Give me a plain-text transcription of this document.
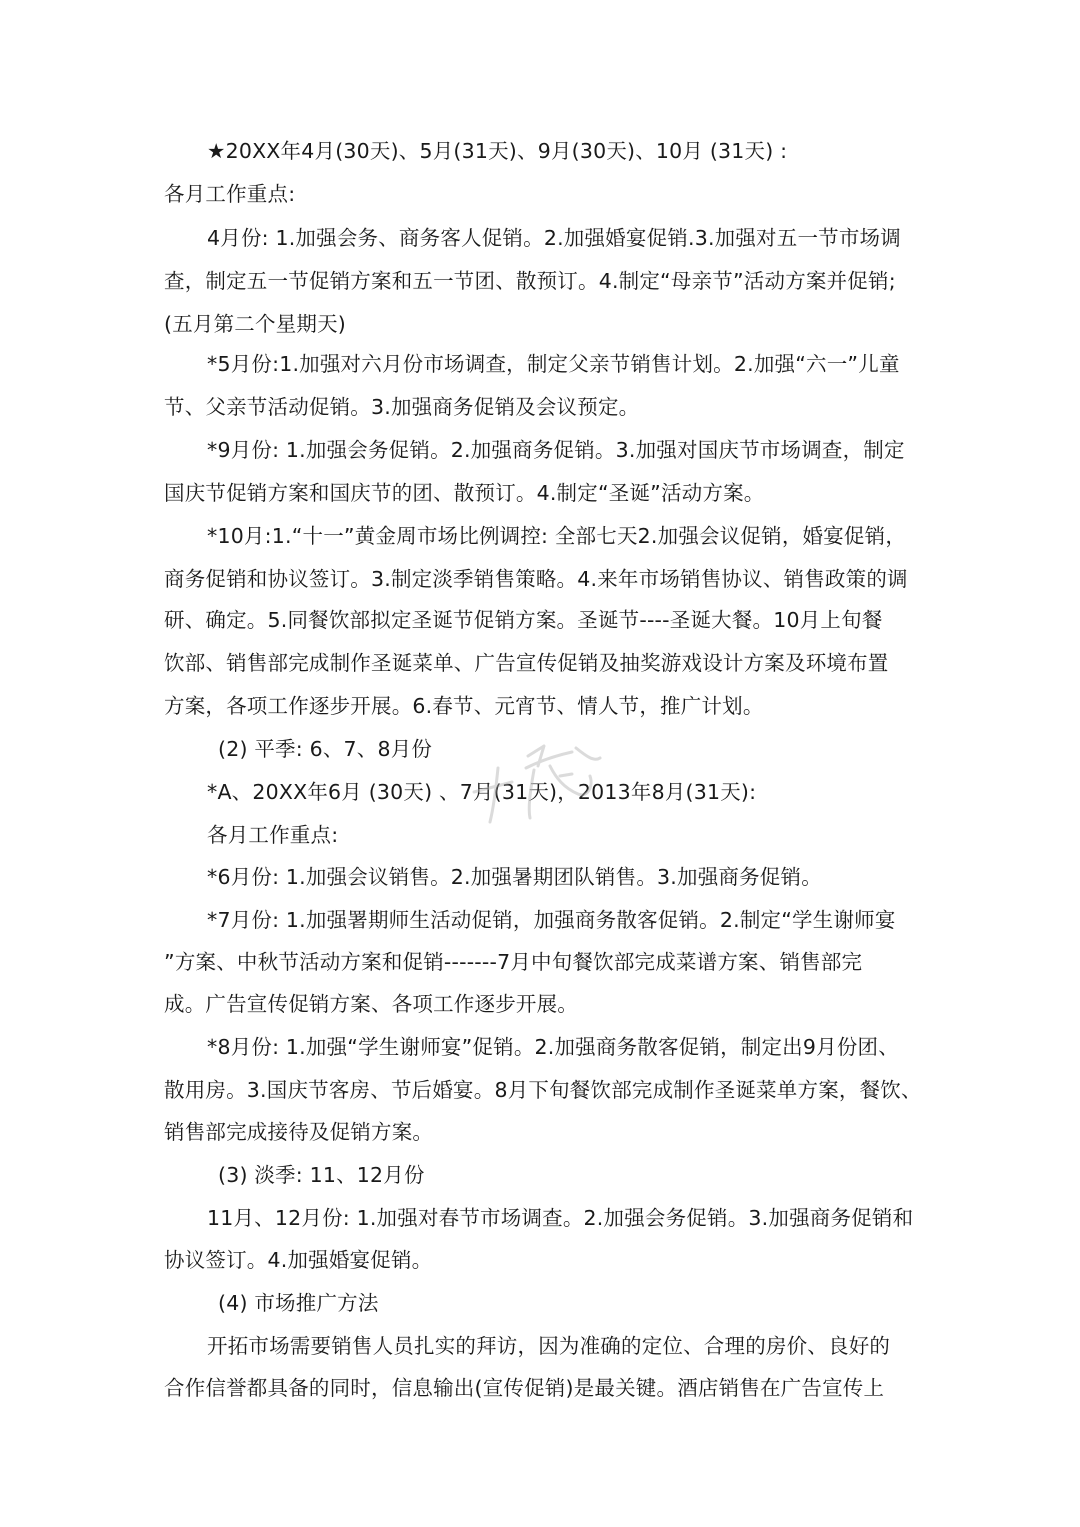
★20XX年4月(30天)、5月(31天)、9月(30天)、10月 (31天) :
各月工作重点:
4月份: 1.加强会务、商务客人促销。2.加强婚宴促销.3.加强对五一节市场调
查，制定五一节促销方案和五一节团、散预订。4.制定“母亲节”活动方案并促销;
(五月第二个星期天)
*5月份:1.加强对六月份市场调查，制定父亲节销售计划。2.加强“六一”儿童
节、父亲节活动促销。3.加强商务促销及会议预定。
*9月份: 1.加强会务促销。2.加强商务促销。3.加强对国庆节市场调查，制定
国庆节促销方案和国庆节的团、散预订。4.制定“圣诞”活动方案。
*10月:1.“十一”黄金周市场比例调控: 全部七天2.加强会议促销，婚宴促销，
商务促销和协议签订。3.制定淡季销售策略。4.来年市场销售协议、销售政策的调
研、确定。5.同餐饮部拟定圣诞节促销方案。圣诞节----圣诞大餐。10月上旬餐
饮部、销售部完成制作圣诞菜单、广告宣传促销及抽奖游戏设计方案及环境布置
方案，各项工作逐步开展。6.春节、元宵节、情人节，推广计划。
(2) 平季: 6、7、8月份
*A、20XX年6月 (30天) 、7月(31天)，2013年8月(31天):
各月工作重点:
*6月份: 1.加强会议销售。2.加强暑期团队销售。3.加强商务促销。
*7月份: 1.加强署期师生活动促销，加强商务散客促销。2.制定“学生谢师宴
”方案、中秋节活动方案和促销-------7月中旬餐饮部完成菜谱方案、销售部完
成。广告宣传促销方案、各项工作逐步开展。
*8月份: 1.加强“学生谢师宴”促销。2.加强商务散客促销，制定出9月份团、
散用房。3.国庆节客房、节后婚宴。8月下旬餐饮部完成制作圣诞菜单方案，餐饮、
销售部完成接待及促销方案。
(3) 淡季: 11、12月份
11月、12月份: 1.加强对春节市场调查。2.加强会务促销。3.加强商务促销和
协议签订。4.加强婚宴促销。
(4) 市场推广方法
开拓市场需要销售人员扎实的拜访，因为准确的定位、合理的房价、良好的
合作信誉都具备的同时，信息输出(宣传促销)是最关键。酒店销售在广告宣传上
